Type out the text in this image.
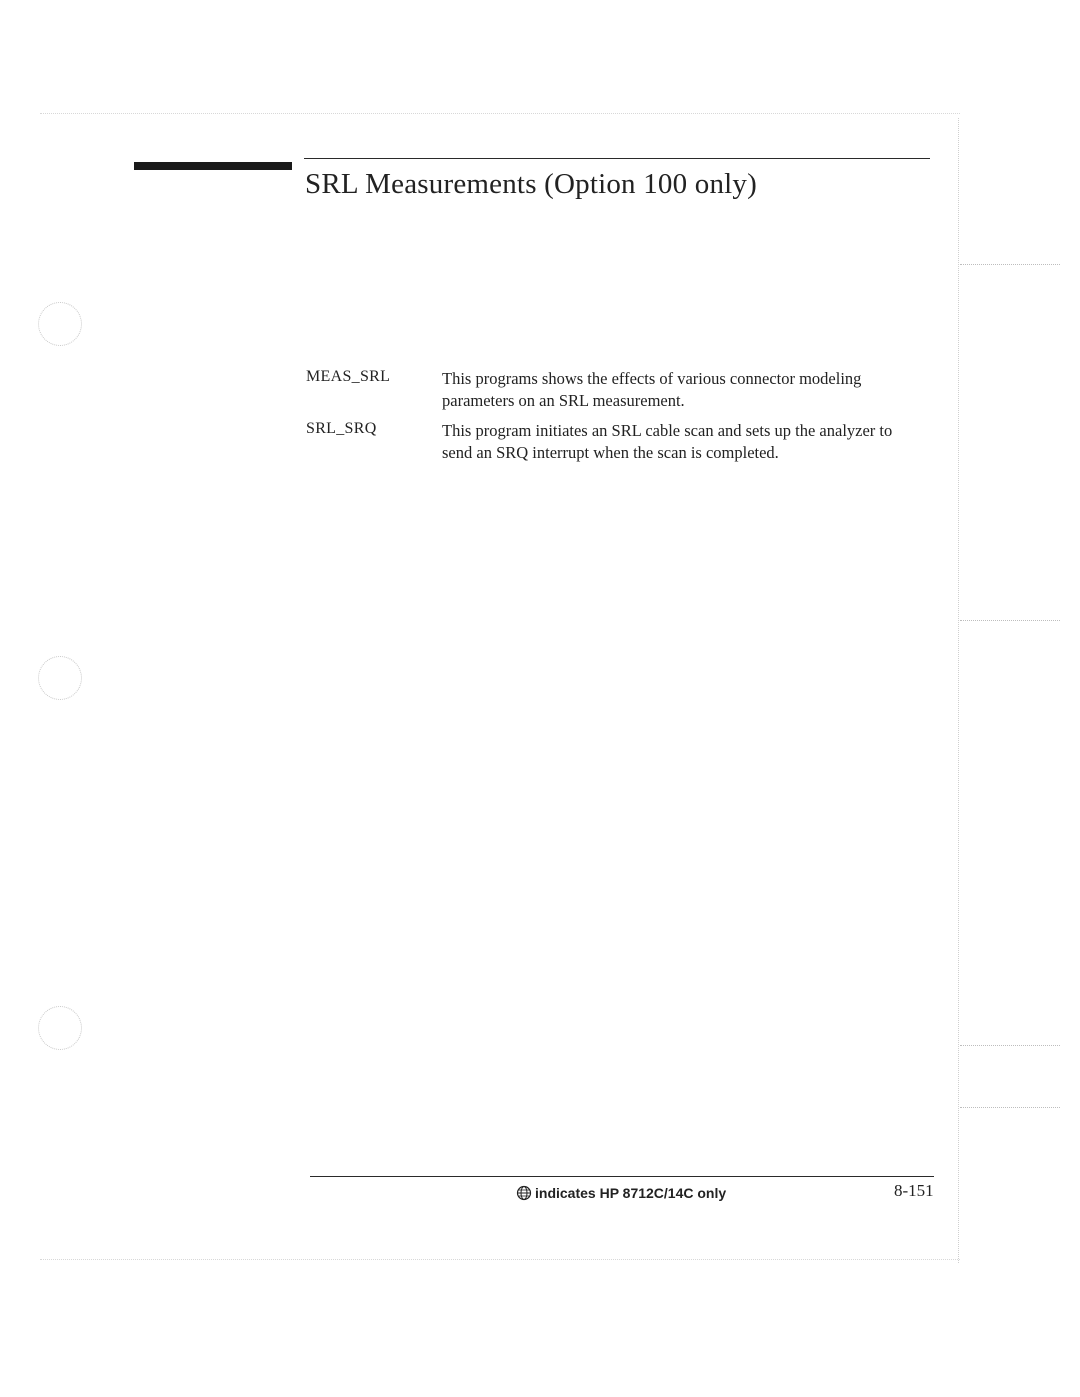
SRL Measurements (Option 100 only)
MEAS_SRL	This programs shows the effects of various connector modeling parameters on an SRL measurement.
SRL_SRQ	This program initiates an SRL cable scan and sets up the analyzer to send an SRQ interrupt when the scan is completed.
indicates HP 8712C/14C only	8-151
